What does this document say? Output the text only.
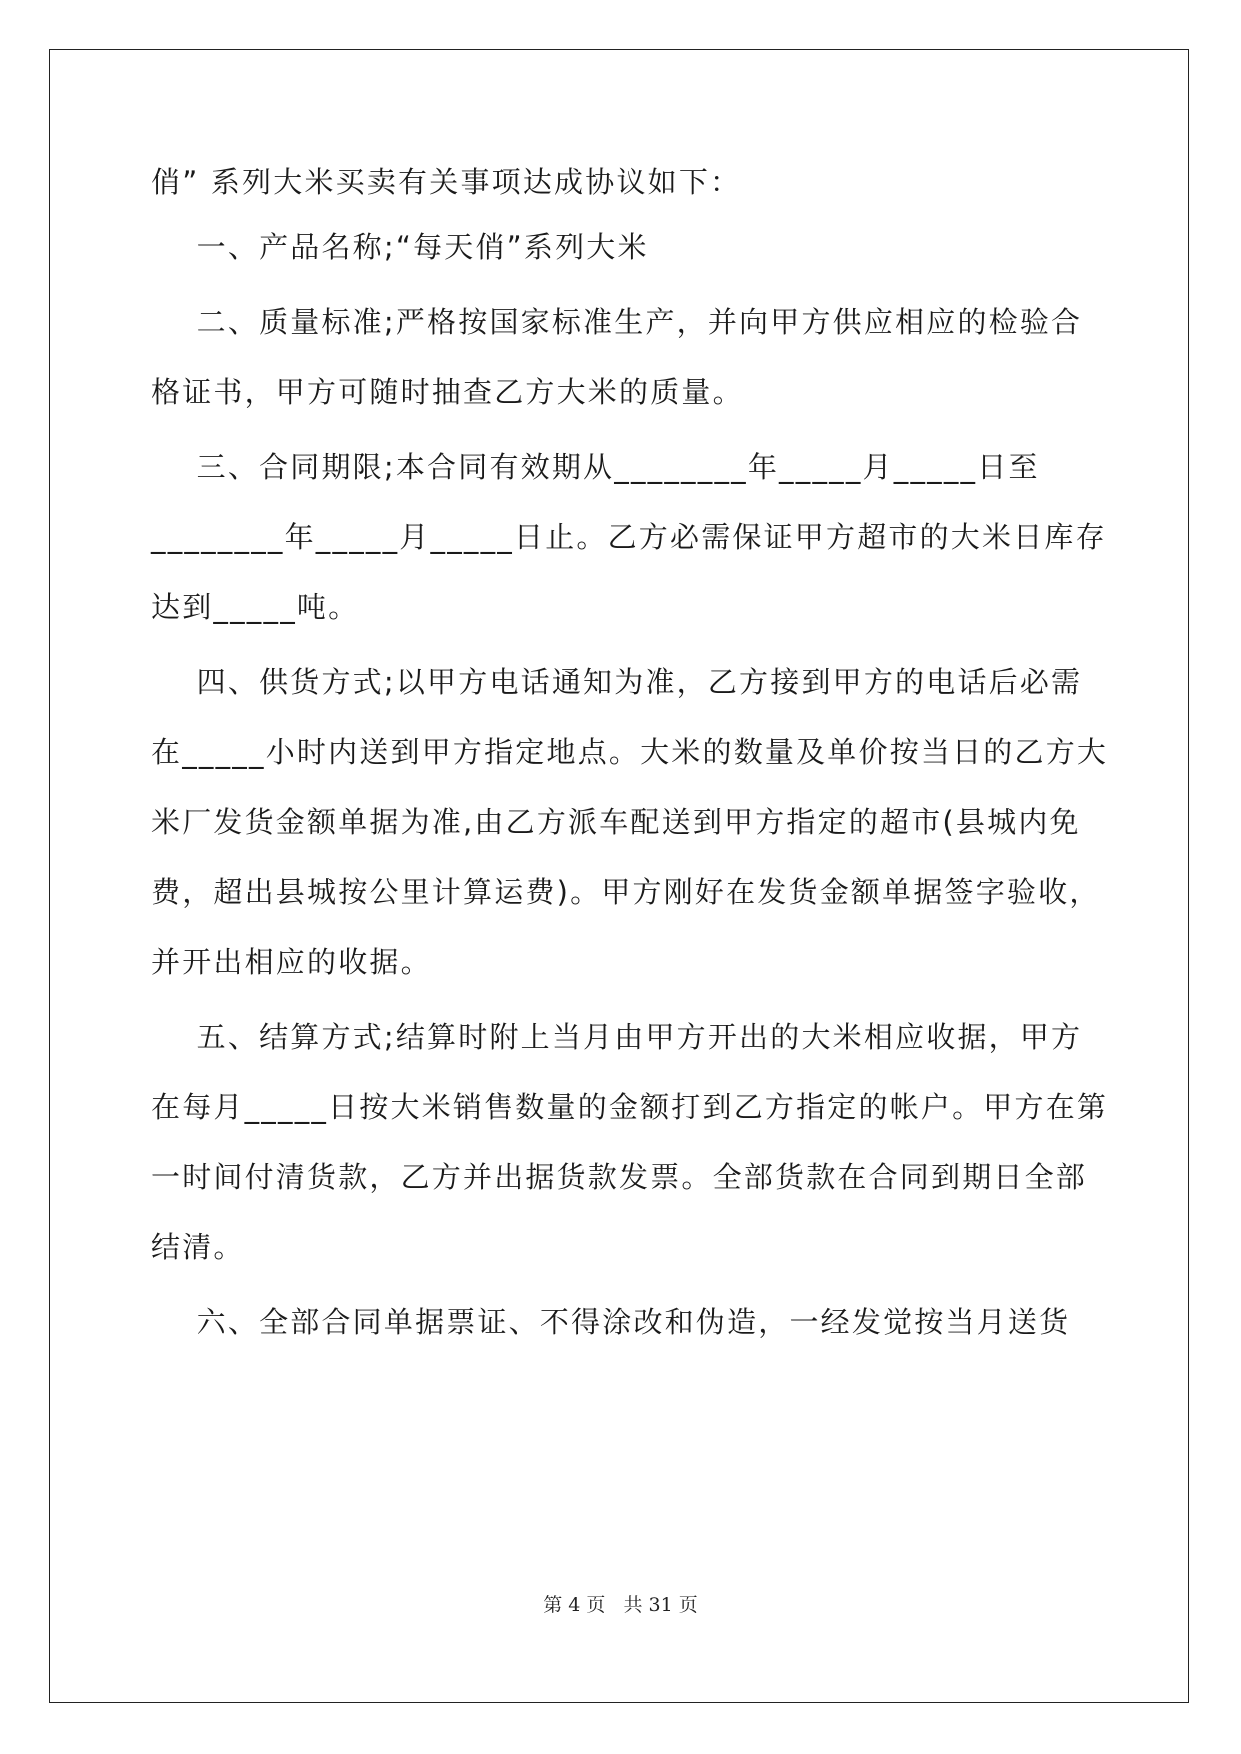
俏” 系列大米买卖有关事项达成协议如下：
一、产品名称;“每天俏”系列大米
二、质量标准;严格按国家标准生产，并向甲方供应相应的检验合
格证书，甲方可随时抽查乙方大米的质量。
三、合同期限;本合同有效期从________年_____月_____日至
________年_____月_____日止。乙方必需保证甲方超市的大米日库存
达到_____吨。
四、供货方式;以甲方电话通知为准，乙方接到甲方的电话后必需
在_____小时内送到甲方指定地点。大米的数量及单价按当日的乙方大
米厂发货金额单据为准,由乙方派车配送到甲方指定的超市(县城内免
费，超出县城按公里计算运费)。甲方刚好在发货金额单据签字验收，
并开出相应的收据。
五、结算方式;结算时附上当月由甲方开出的大米相应收据，甲方
在每月_____日按大米销售数量的金额打到乙方指定的帐户。甲方在第
一时间付清货款，乙方并出据货款发票。全部货款在合同到期日全部
结清。
六、全部合同单据票证、不得涂改和伪造，一经发觉按当月送货
第 4 页   共 31 页
